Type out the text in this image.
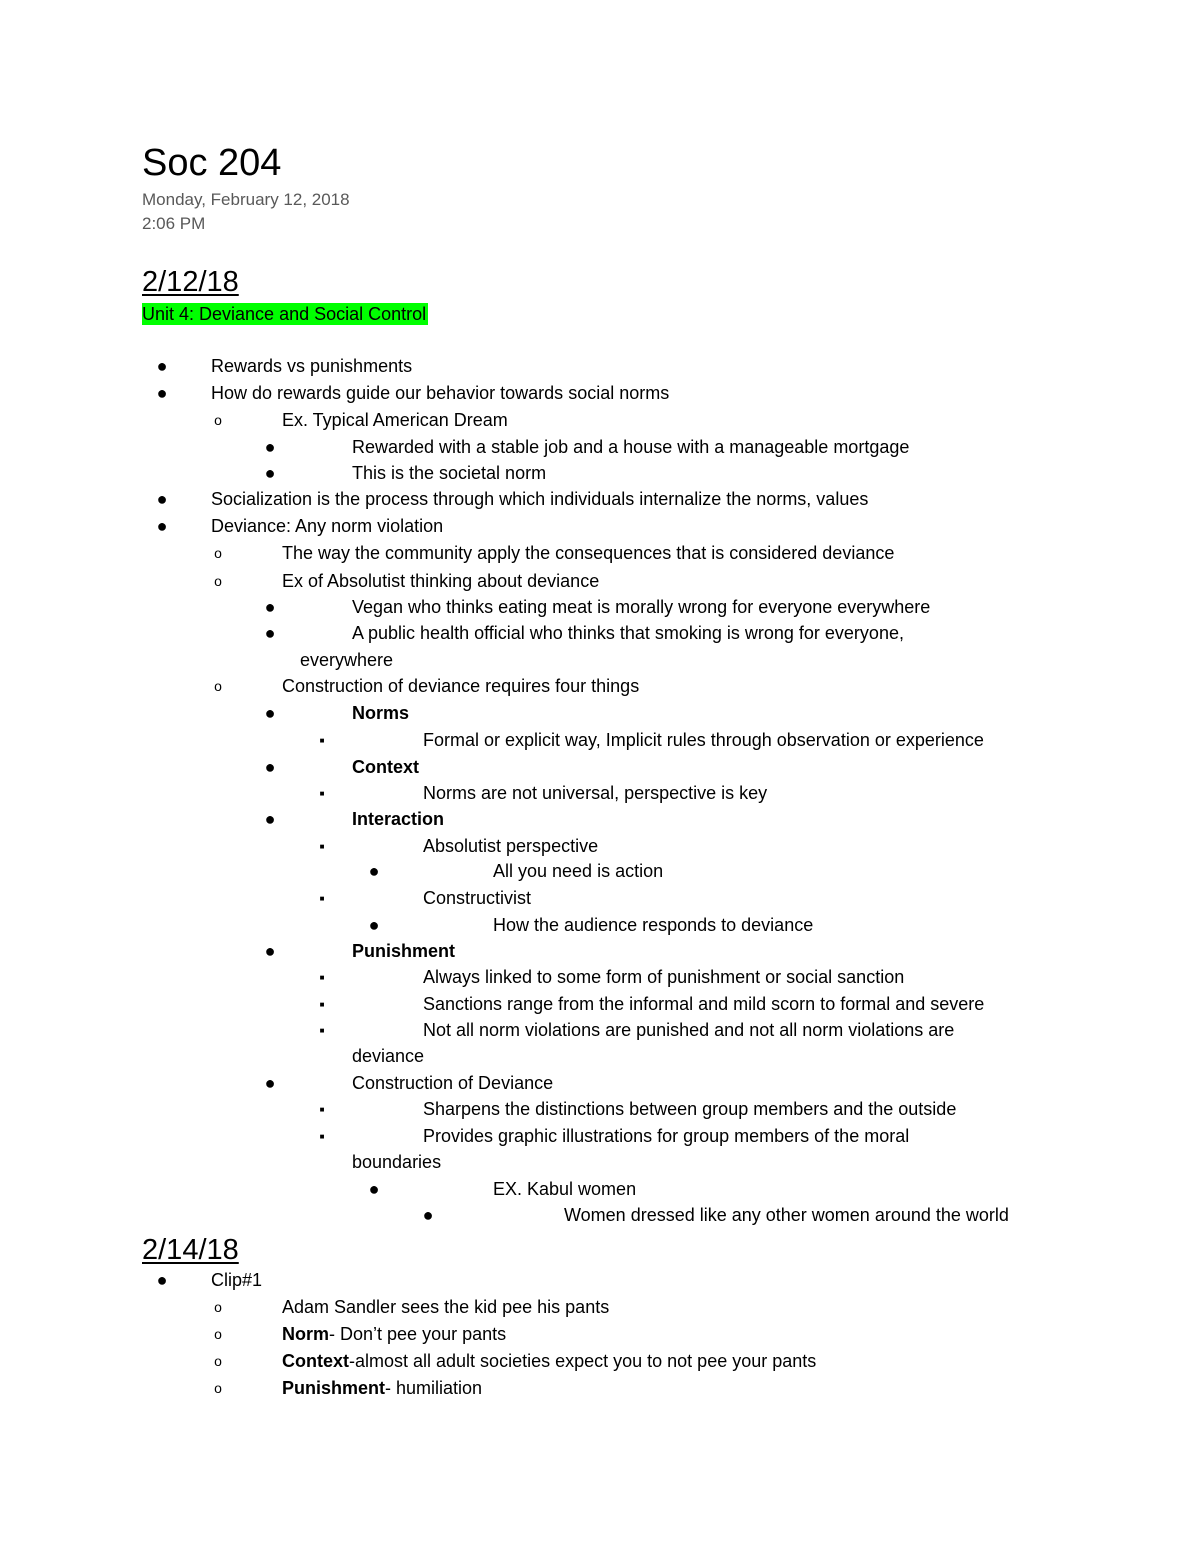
Soc 204
Monday, February 12, 2018
2:06 PM
2/12/18
Unit 4: Deviance and Social Control
● Rewards vs punishments
● How do rewards guide our behavior towards social norms
o	Ex. Typical American Dream
●	Rewarded with a stable job and a house with a manageable mortgage
●	This is the societal norm
● Socialization is the process through which individuals internalize the norms, values
● Deviance: Any norm violation
o	The way the community apply the consequences that is considered deviance
o	Ex of Absolutist thinking about deviance
●	Vegan who thinks eating meat is morally wrong for everyone everywhere
●	A public health official who thinks that smoking is wrong for everyone,
everywhere
o	Construction of deviance requires four things
●	Norms
■	Formal or explicit way, Implicit rules through observation or experience
●	Context
■	Norms are not universal, perspective is key
●	Interaction
■	Absolutist perspective
●	All you need is action
■	Constructivist
●	How the audience responds to deviance
●	Punishment
■	Always linked to some form of punishment or social sanction
■	Sanctions range from the informal and mild scorn to formal and severe
■	Not all norm violations are punished and not all norm violations are
deviance
●	Construction of Deviance
■	Sharpens the distinctions between group members and the outside
■	Provides graphic illustrations for group members of the moral
boundaries
●	EX. Kabul women
●	Women dressed like any other women around the world
2/14/18
● Clip#1
o	Adam Sandler sees the kid pee his pants
o	Norm- Don’t pee your pants
o	Context-almost all adult societies expect you to not pee your pants
o	Punishment- humiliation
